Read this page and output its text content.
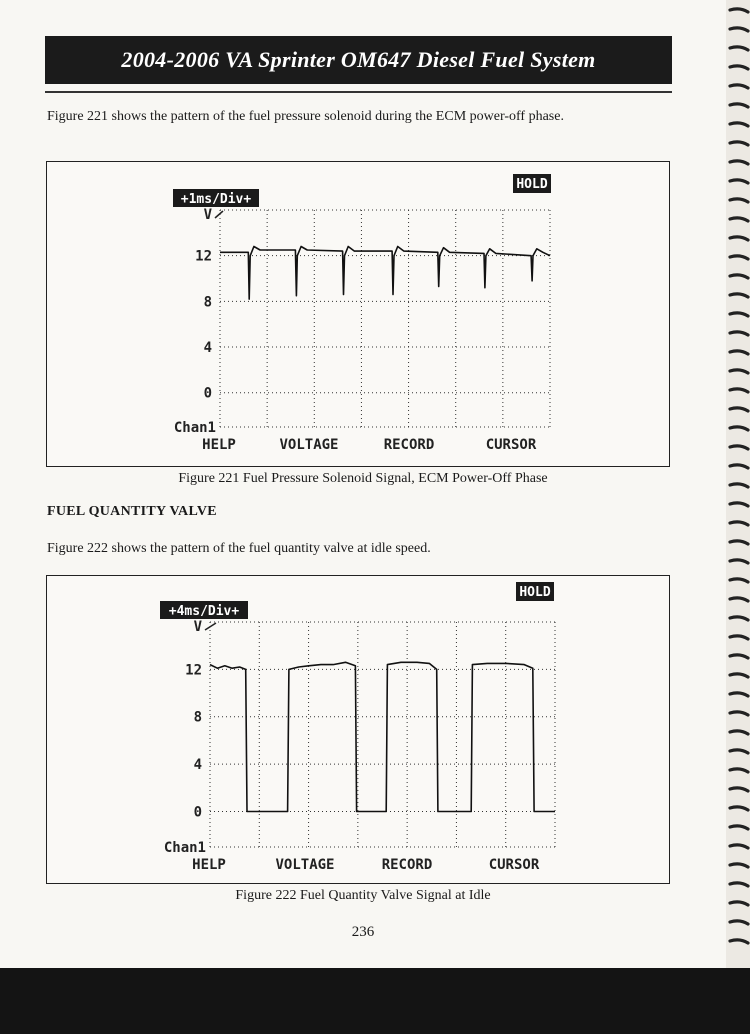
2004-2006 VA Sprinter OM647 Diesel Fuel System
Figure 221 shows the pattern of the fuel pressure solenoid during the ECM power-off phase.
0
4
8
12
V
+1ms/Div+
HOLD
Chan1
HELP	VOLTAGE	RECORD	CURSOR
Figure 221 Fuel Pressure Solenoid Signal, ECM Power-Off Phase
FUEL QUANTITY VALVE
Figure 222 shows the pattern of the fuel quantity valve at idle speed.
0
4
8
12
V
+4ms/Div+
HOLD
Chan1
HELP	VOLTAGE	RECORD	CURSOR
Figure 222 Fuel Quantity Valve Signal at Idle
236
